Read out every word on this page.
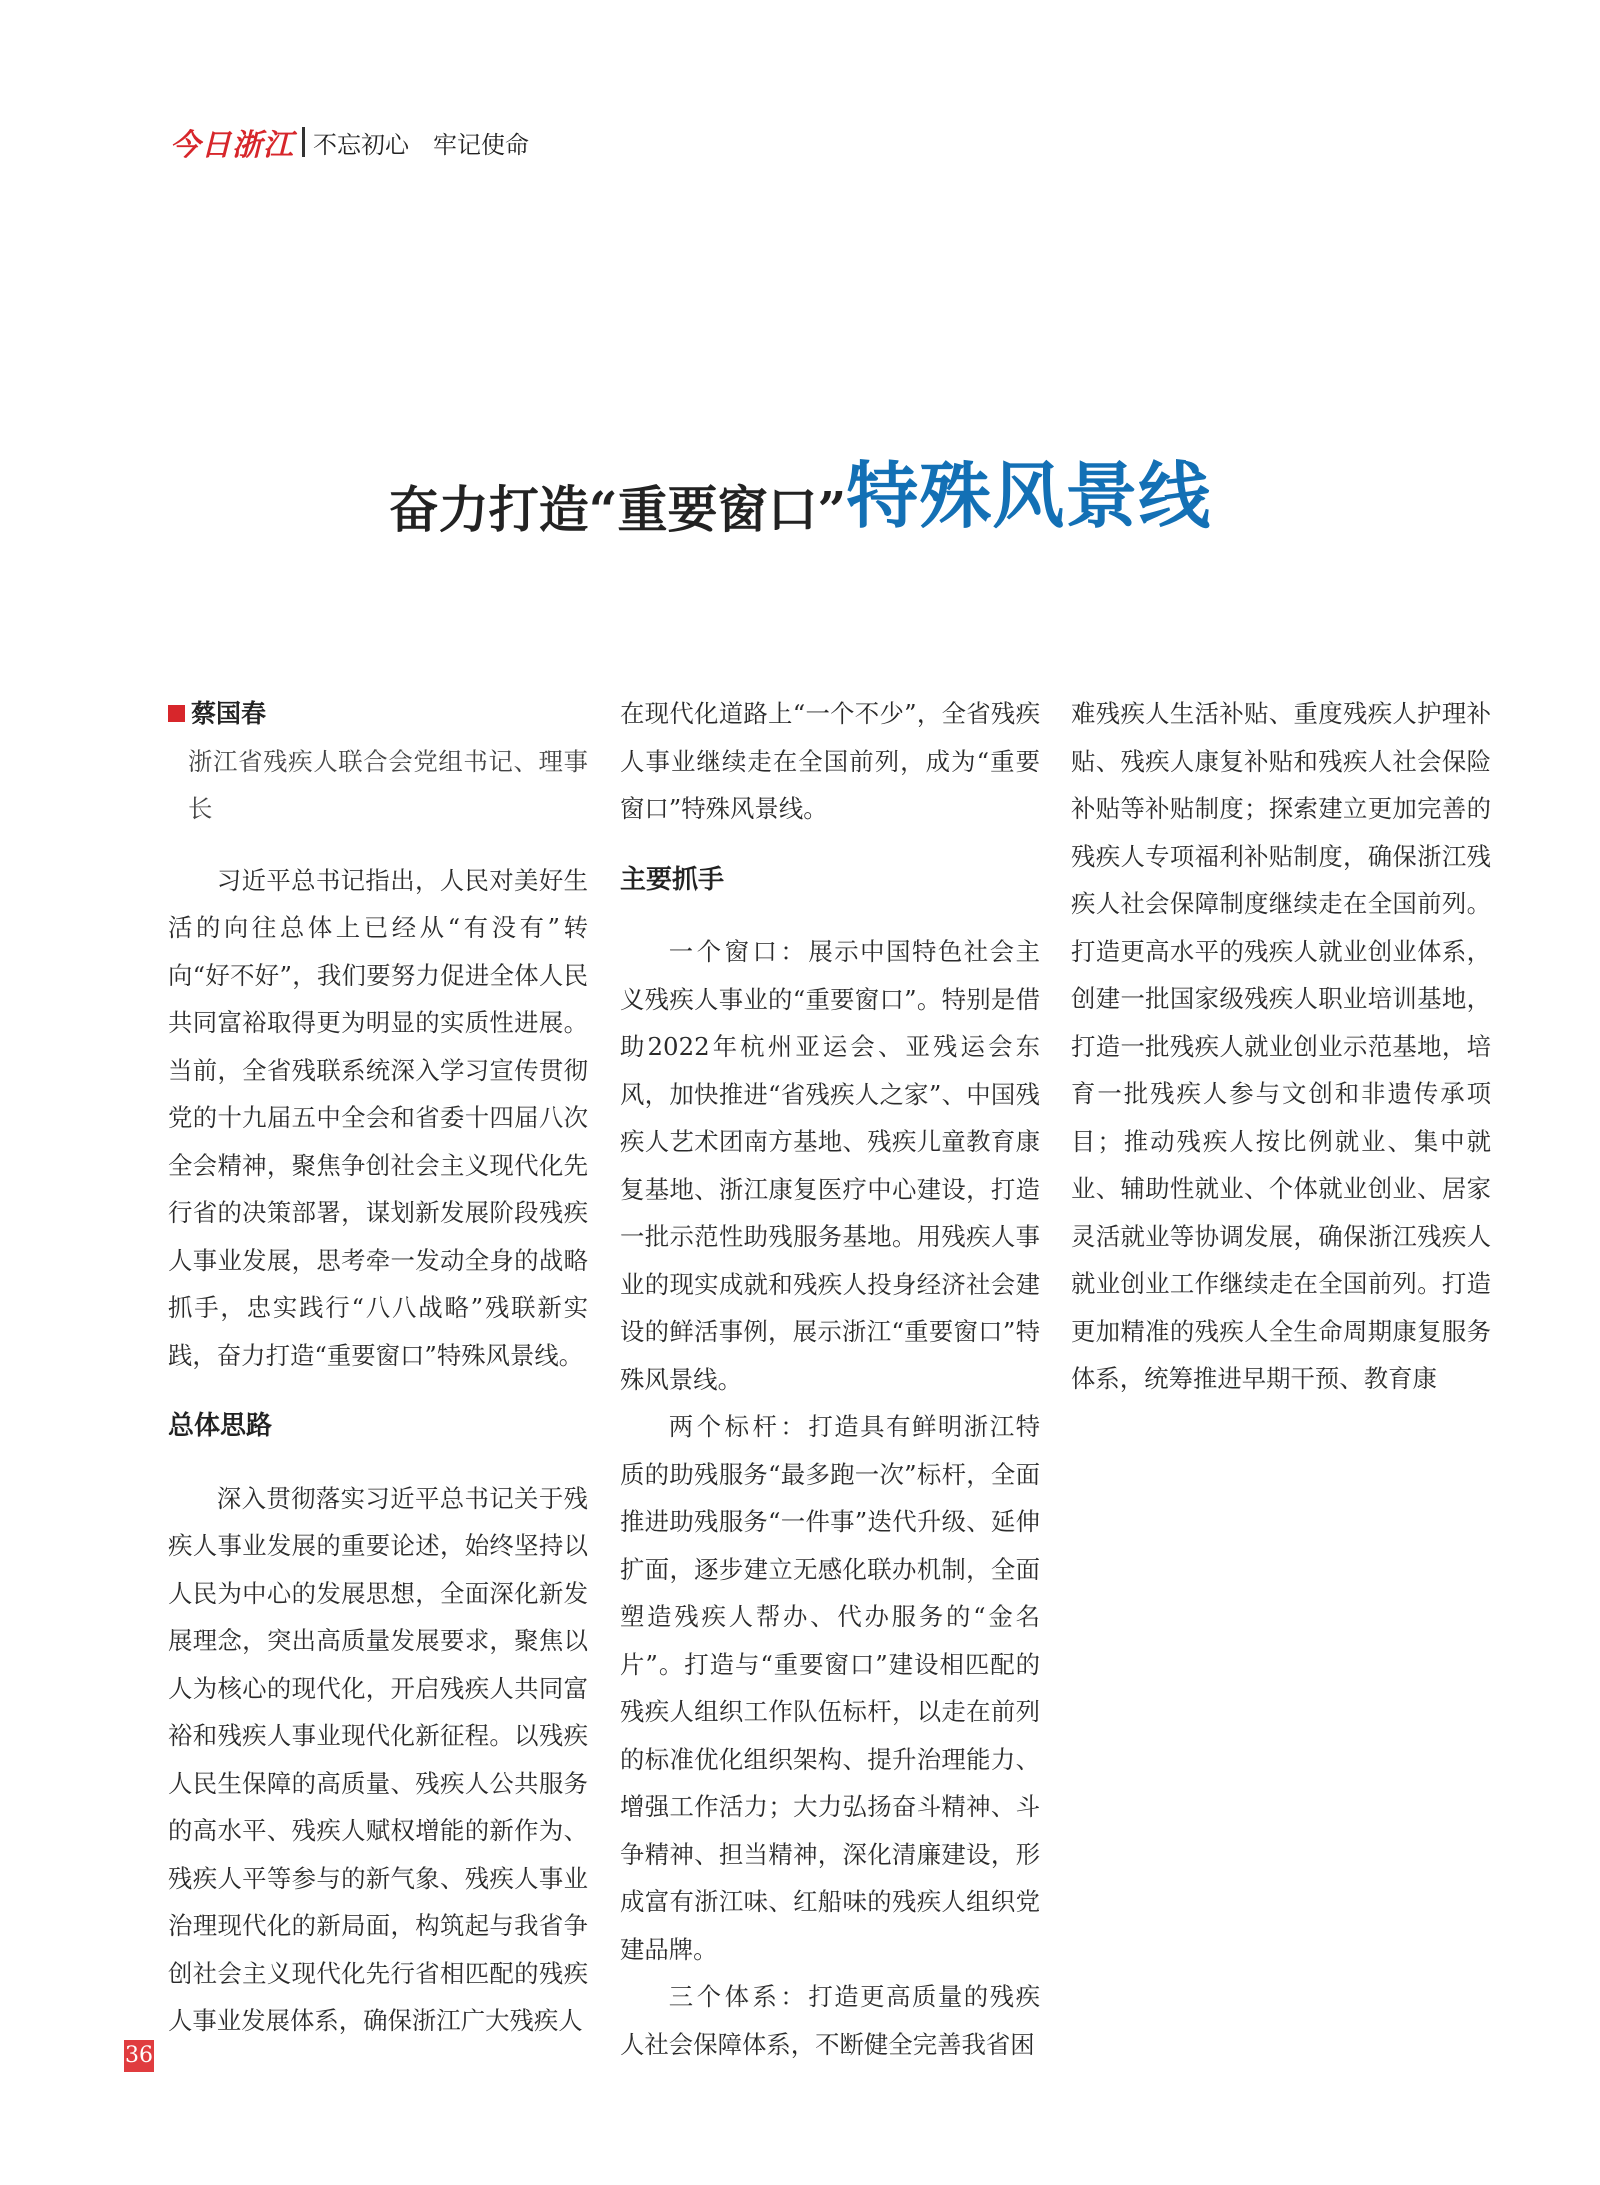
今日浙江 不忘初心 牢记使命
奋力打造“重要窗口”特殊风景线
蔡国春

浙江省残疾人联合会党组书记、理事长

习近平总书记指出，人民对美好生活的向往总体上已经从“有没有”转向“好不好”，我们要努力促进全体人民共同富裕取得更为明显的实质性进展。当前，全省残联系统深入学习宣传贯彻党的十九届五中全会和省委十四届八次全会精神，聚焦争创社会主义现代化先行省的决策部署，谋划新发展阶段残疾人事业发展，思考牵一发动全身的战略抓手，忠实践行“八八战略”残联新实践，奋力打造“重要窗口”特殊风景线。

总体思路

深入贯彻落实习近平总书记关于残疾人事业发展的重要论述，始终坚持以人民为中心的发展思想，全面深化新发展理念，突出高质量发展要求，聚焦以人为核心的现代化，开启残疾人共同富裕和残疾人事业现代化新征程。以残疾人民生保障的高质量、残疾人公共服务的高水平、残疾人赋权增能的新作为、残疾人平等参与的新气象、残疾人事业治理现代化的新局面，构筑起与我省争创社会主义现代化先行省相匹配的残疾人事业发展体系，确保浙江广大残疾人

在现代化道路上“一个不少”，全省残疾人事业继续走在全国前列，成为“重要窗口”特殊风景线。

主要抓手

一个窗口：展示中国特色社会主义残疾人事业的“重要窗口”。特别是借助2022年杭州亚运会、亚残运会东风，加快推进“省残疾人之家”、中国残疾人艺术团南方基地、残疾儿童教育康复基地、浙江康复医疗中心建设，打造一批示范性助残服务基地。用残疾人事业的现实成就和残疾人投身经济社会建设的鲜活事例，展示浙江“重要窗口”特殊风景线。

两个标杆：打造具有鲜明浙江特质的助残服务“最多跑一次”标杆，全面推进助残服务“一件事”迭代升级、延伸扩面，逐步建立无感化联办机制，全面塑造残疾人帮办、代办服务的“金名片”。打造与“重要窗口”建设相匹配的残疾人组织工作队伍标杆，以走在前列的标准优化组织架构、提升治理能力、增强工作活力；大力弘扬奋斗精神、斗争精神、担当精神，深化清廉建设，形成富有浙江味、红船味的残疾人组织党建品牌。

三个体系：打造更高质量的残疾人社会保障体系，不断健全完善我省困

难残疾人生活补贴、重度残疾人护理补贴、残疾人康复补贴和残疾人社会保险补贴等补贴制度；探索建立更加完善的残疾人专项福利补贴制度，确保浙江残疾人社会保障制度继续走在全国前列。打造更高水平的残疾人就业创业体系，创建一批国家级残疾人职业培训基地，打造一批残疾人就业创业示范基地，培育一批残疾人参与文创和非遗传承项目；推动残疾人按比例就业、集中就业、辅助性就业、个体就业创业、居家灵活就业等协调发展，确保浙江残疾人就业创业工作继续走在全国前列。打造更加精准的残疾人全生命周期康复服务体系，统筹推进早期干预、教育康

36
